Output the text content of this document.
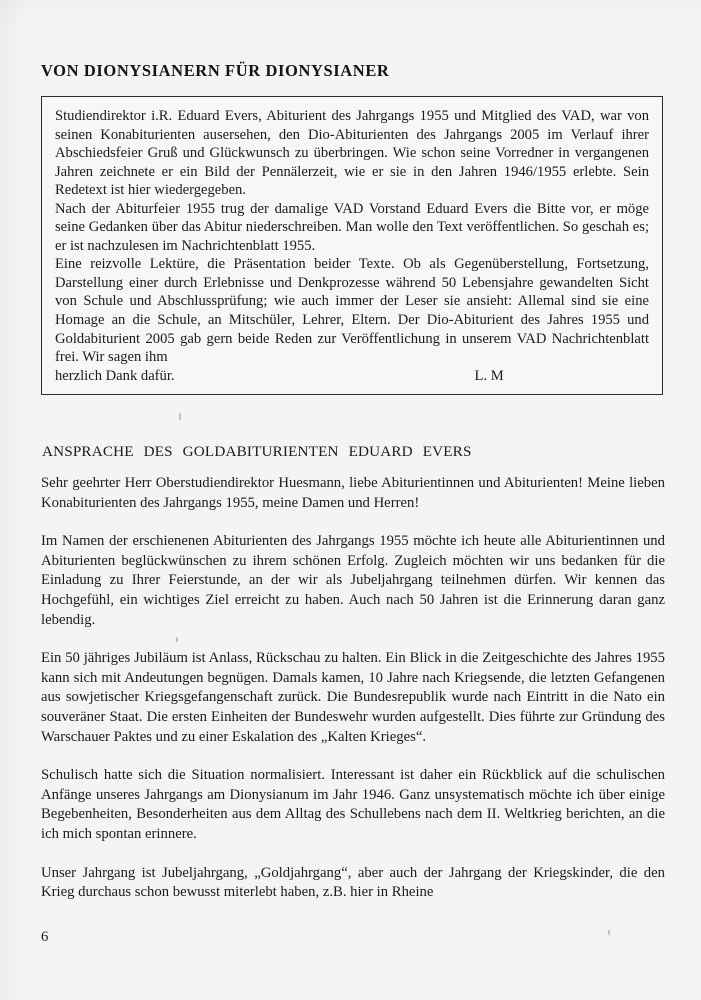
VON DIONYSIANERN FÜR DIONYSIANER

Studiendirektor i.R. Eduard Evers, Abiturient des Jahrgangs 1955 und Mitglied des VAD, war von seinen Konabiturienten ausersehen, den Dio-Abiturienten des Jahrgangs 2005 im Verlauf ihrer Abschiedsfeier Gruß und Glückwunsch zu überbringen. Wie schon seine Vorredner in vergangenen Jahren zeichnete er ein Bild der Pennälerzeit, wie er sie in den Jahren 1946/1955 erlebte. Sein Redetext ist hier wiedergegeben.

Nach der Abiturfeier 1955 trug der damalige VAD Vorstand Eduard Evers die Bitte vor, er möge seine Gedanken über das Abitur niederschreiben. Man wolle den Text veröffentlichen. So geschah es; er ist nachzulesen im Nachrichtenblatt 1955.

Eine reizvolle Lektüre, die Präsentation beider Texte. Ob als Gegenüberstellung, Fortsetzung, Darstellung einer durch Erlebnisse und Denkprozesse während 50 Lebensjahre gewandelten Sicht von Schule und Abschlussprüfung; wie auch immer der Leser sie ansieht: Allemal sind sie eine Homage an die Schule, an Mitschüler, Lehrer, Eltern. Der Dio-Abiturient des Jahres 1955 und Goldabiturient 2005 gab gern beide Reden zur Veröffentlichung in unserem VAD Nachrichtenblatt frei. Wir sagen ihm

herzlich Dank dafür.	L. M
ANSPRACHE DES GOLDABITURIENTEN EDUARD EVERS

Sehr geehrter Herr Oberstudiendirektor Huesmann, liebe Abiturientinnen und Abiturienten! Meine lieben Konabiturienten des Jahrgangs 1955, meine Damen und Herren!

Im Namen der erschienenen Abiturienten des Jahrgangs 1955 möchte ich heute alle Abiturientinnen und Abiturienten beglückwünschen zu ihrem schönen Erfolg. Zugleich möchten wir uns bedanken für die Einladung zu Ihrer Feierstunde, an der wir als Jubeljahrgang teilnehmen dürfen. Wir kennen das Hochgefühl, ein wichtiges Ziel erreicht zu haben. Auch nach 50 Jahren ist die Erinnerung daran ganz lebendig.

Ein 50 jähriges Jubiläum ist Anlass, Rückschau zu halten. Ein Blick in die Zeitgeschichte des Jahres 1955 kann sich mit Andeutungen begnügen. Damals kamen, 10 Jahre nach Kriegsende, die letzten Gefangenen aus sowjetischer Kriegsgefangenschaft zurück. Die Bundesrepublik wurde nach Eintritt in die Nato ein souveräner Staat. Die ersten Einheiten der Bundeswehr wurden aufgestellt. Dies führte zur Gründung des Warschauer Paktes und zu einer Eskalation des „Kalten Krieges“.

Schulisch hatte sich die Situation normalisiert. Interessant ist daher ein Rückblick auf die schulischen Anfänge unseres Jahrgangs am Dionysianum im Jahr 1946. Ganz unsystematisch möchte ich über einige Begebenheiten, Besonderheiten aus dem Alltag des Schullebens nach dem II. Weltkrieg berichten, an die ich mich spontan erinnere.

Unser Jahrgang ist Jubeljahrgang, „Goldjahrgang“, aber auch der Jahrgang der Kriegskinder, die den Krieg durchaus schon bewusst miterlebt haben, z.B. hier in Rheine

6
